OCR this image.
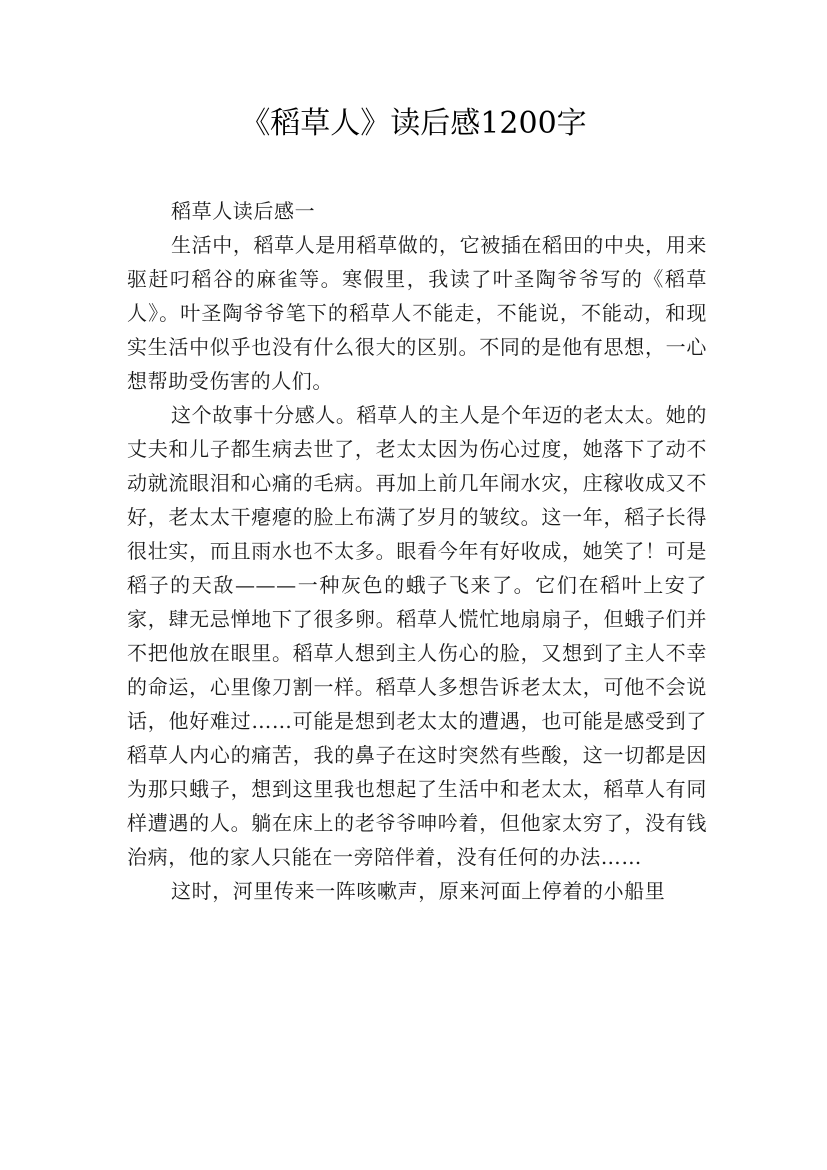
《稻草人》读后感1200字

稻草人读后感一

生活中，稻草人是用稻草做的，它被插在稻田的中央，用来驱赶叼稻谷的麻雀等。寒假里，我读了叶圣陶爷爷写的《稻草人》。叶圣陶爷爷笔下的稻草人不能走，不能说，不能动，和现实生活中似乎也没有什么很大的区别。不同的是他有思想，一心想帮助受伤害的人们。

这个故事十分感人。稻草人的主人是个年迈的老太太。她的丈夫和儿子都生病去世了，老太太因为伤心过度，她落下了动不动就流眼泪和心痛的毛病。再加上前几年闹水灾，庄稼收成又不好，老太太干瘪瘪的脸上布满了岁月的皱纹。这一年，稻子长得很壮实，而且雨水也不太多。眼看今年有好收成，她笑了！可是稻子的天敌———一种灰色的蛾子飞来了。它们在稻叶上安了家，肆无忌惮地下了很多卵。稻草人慌忙地扇扇子，但蛾子们并不把他放在眼里。稻草人想到主人伤心的脸，又想到了主人不幸的命运，心里像刀割一样。稻草人多想告诉老太太，可他不会说话，他好难过……可能是想到老太太的遭遇，也可能是感受到了稻草人内心的痛苦，我的鼻子在这时突然有些酸，这一切都是因为那只蛾子，想到这里我也想起了生活中和老太太，稻草人有同样遭遇的人。躺在床上的老爷爷呻吟着，但他家太穷了，没有钱治病，他的家人只能在一旁陪伴着，没有任何的办法……

这时，河里传来一阵咳嗽声，原来河面上停着的小船里
